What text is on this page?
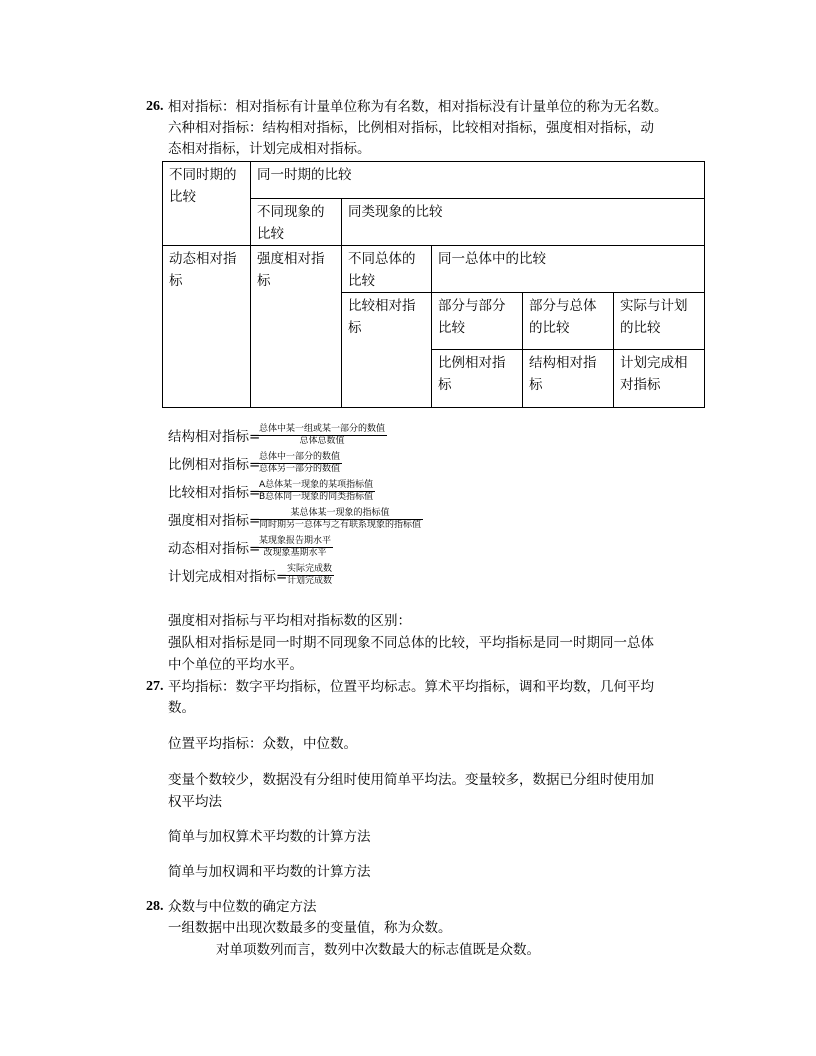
26. 相对指标：相对指标有计量单位称为有名数，相对指标没有计量单位的称为无名数。
六种相对指标：结构相对指标，比例相对指标，比较相对指标，强度相对指标，动
态相对指标，计划完成相对指标。
不同时期的比较	同一时期的比较				
	不同现象的比较	同类现象的比较			
动态相对指标	强度相对指标	不同总体的比较	同一总体中的比较		
		比较相对指标	部分与部分比较	部分与总体的比较	实际与计划的比较
			比例相对指标	结构相对指标	计划完成相对指标
结构相对指标=
总体中某一组或某一部分的数值
总体总数值
比例相对指标=
总体中一部分的数值
总体另一部分的数值
比较相对指标=
A总体某一现象的某项指标值
B总体同一现象的同类指标值
强度相对指标=	某总体某一现象的指标值
同时期另一总体与之有联系现象的指标值
动态相对指标=
某现象报告期水平
改现象基期水平
计划完成相对指标= 实际完成数
计划完成数
强度相对指标与平均相对指标数的区别：
强队相对指标是同一时期不同现象不同总体的比较，平均指标是同一时期同一总体
中个单位的平均水平。
27. 平均指标：数字平均指标，位置平均标志。算术平均指标，调和平均数，几何平均
数。
位置平均指标：众数，中位数。
变量个数较少，数据没有分组时使用简单平均法。变量较多，数据已分组时使用加
权平均法
简单与加权算术平均数的计算方法
简单与加权调和平均数的计算方法
28. 众数与中位数的确定方法
一组数据中出现次数最多的变量值，称为众数。
对单项数列而言，数列中次数最大的标志值既是众数。
